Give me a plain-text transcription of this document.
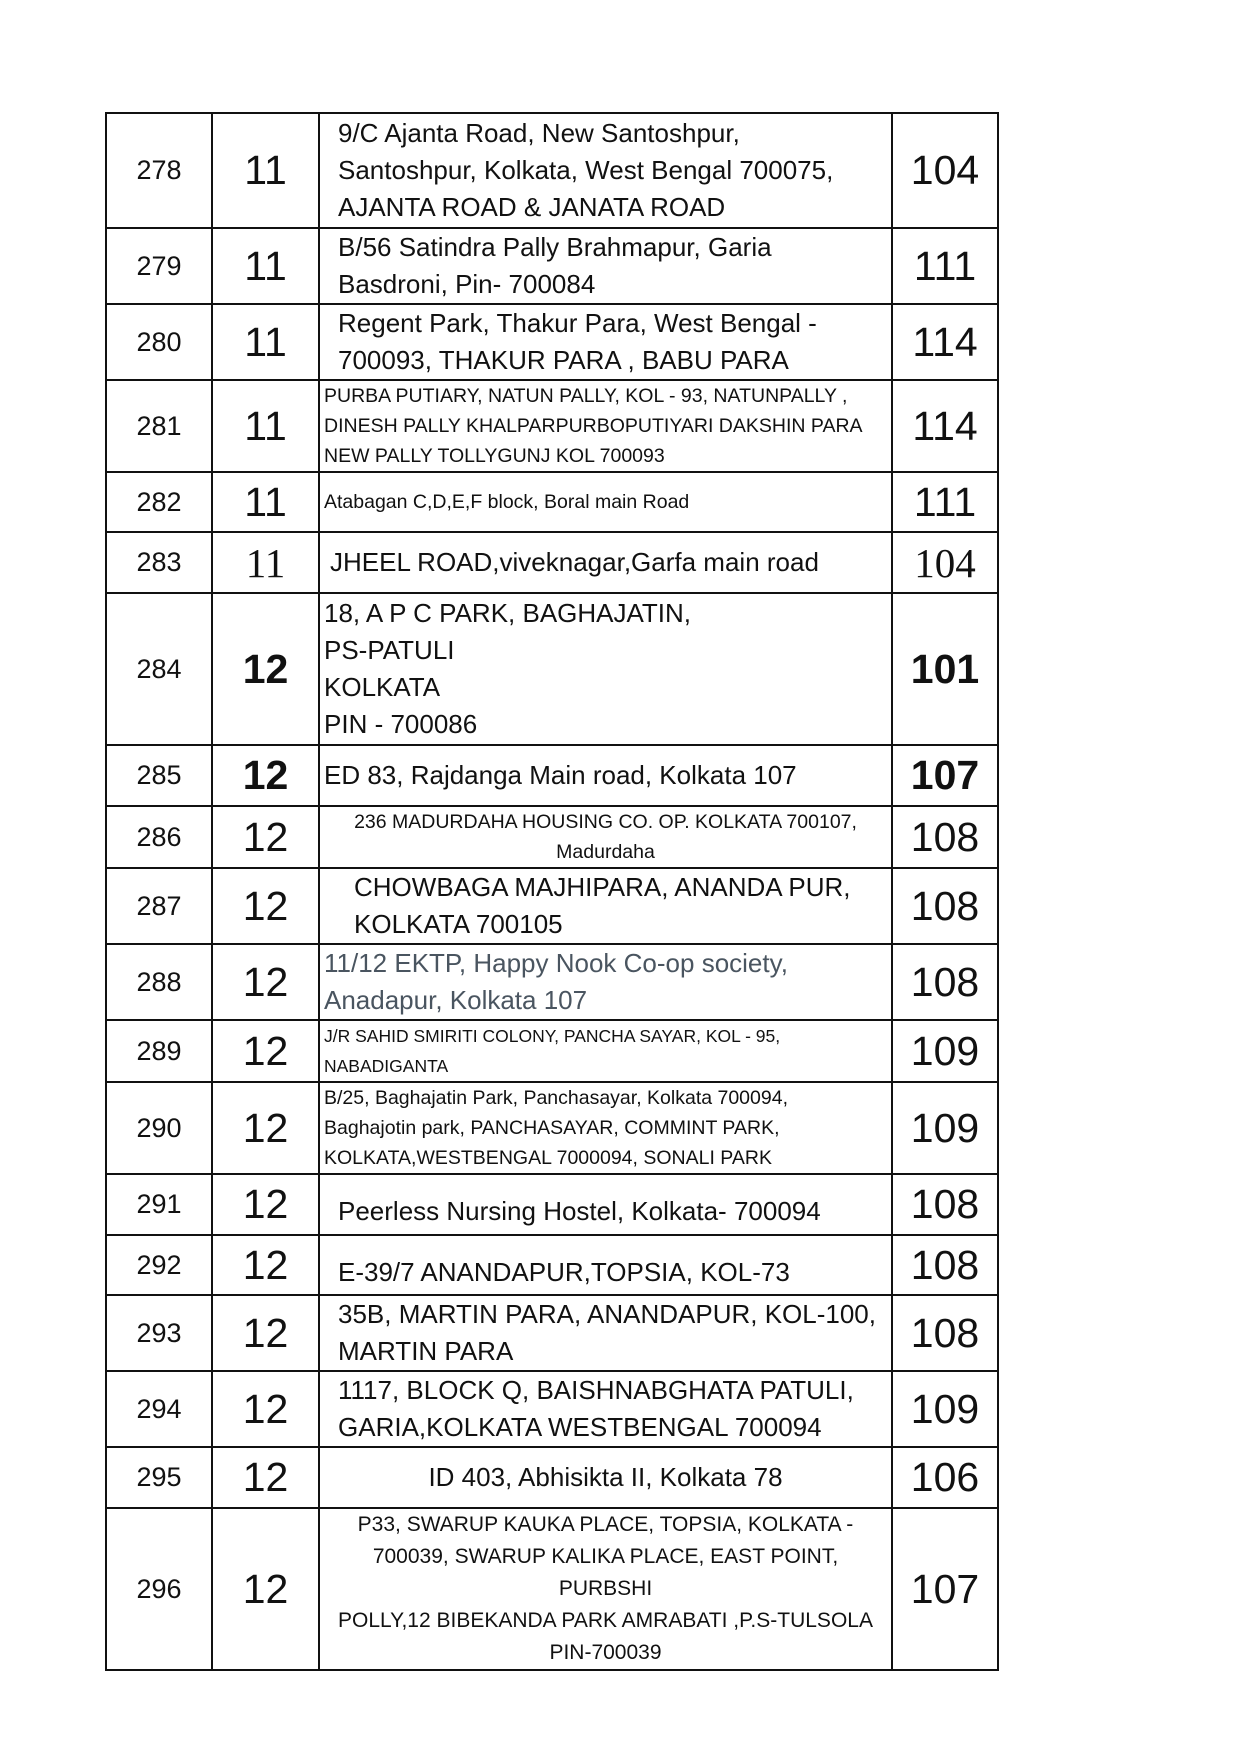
278	11	9/C Ajanta Road, New Santoshpur,
Santoshpur, Kolkata, West Bengal 700075,
AJANTA ROAD & JANATA ROAD	104
279	11	B/56 Satindra Pally Brahmapur, Garia
Basdroni, Pin- 700084	111
280	11	Regent Park, Thakur Para, West Bengal -
700093, THAKUR PARA , BABU PARA	114
281	11	PURBA PUTIARY, NATUN PALLY, KOL - 93, NATUNPALLY ,
DINESH PALLY KHALPARPURBOPUTIYARI DAKSHIN PARA
NEW PALLY TOLLYGUNJ KOL 700093	114
282	11	Atabagan C,D,E,F block, Boral main Road	111
283	11	JHEEL ROAD,viveknagar,Garfa main road	104
284	12	18, A P C PARK, BAGHAJATIN,
PS-PATULI
KOLKATA
PIN - 700086	101
285	12	ED 83, Rajdanga Main road, Kolkata 107	107
286	12	236 MADURDAHA HOUSING CO. OP. KOLKATA 700107,
Madurdaha	108
287	12	CHOWBAGA MAJHIPARA, ANANDA PUR,
KOLKATA 700105	108
288	12	11/12 EKTP, Happy Nook Co-op society,
Anadapur, Kolkata 107	108
289	12	J/R SAHID SMIRITI COLONY, PANCHA SAYAR, KOL - 95,
NABADIGANTA	109
290	12	B/25, Baghajatin Park, Panchasayar, Kolkata 700094,
Baghajotin park, PANCHASAYAR, COMMINT PARK,
KOLKATA,WESTBENGAL 7000094, SONALI PARK	109
291	12	Peerless Nursing Hostel, Kolkata- 700094	108
292	12	E-39/7 ANANDAPUR,TOPSIA, KOL-73	108
293	12	35B, MARTIN PARA, ANANDAPUR, KOL-100,
MARTIN PARA	108
294	12	1117, BLOCK Q, BAISHNABGHATA PATULI,
GARIA,KOLKATA WESTBENGAL 700094	109
295	12	ID 403, Abhisikta II, Kolkata 78	106
296	12	P33, SWARUP KAUKA PLACE, TOPSIA, KOLKATA -
700039, SWARUP KALIKA PLACE, EAST POINT, PURBSHI
POLLY,12 BIBEKANDA PARK AMRABATI ,P.S-TULSOLA
PIN-700039	107
